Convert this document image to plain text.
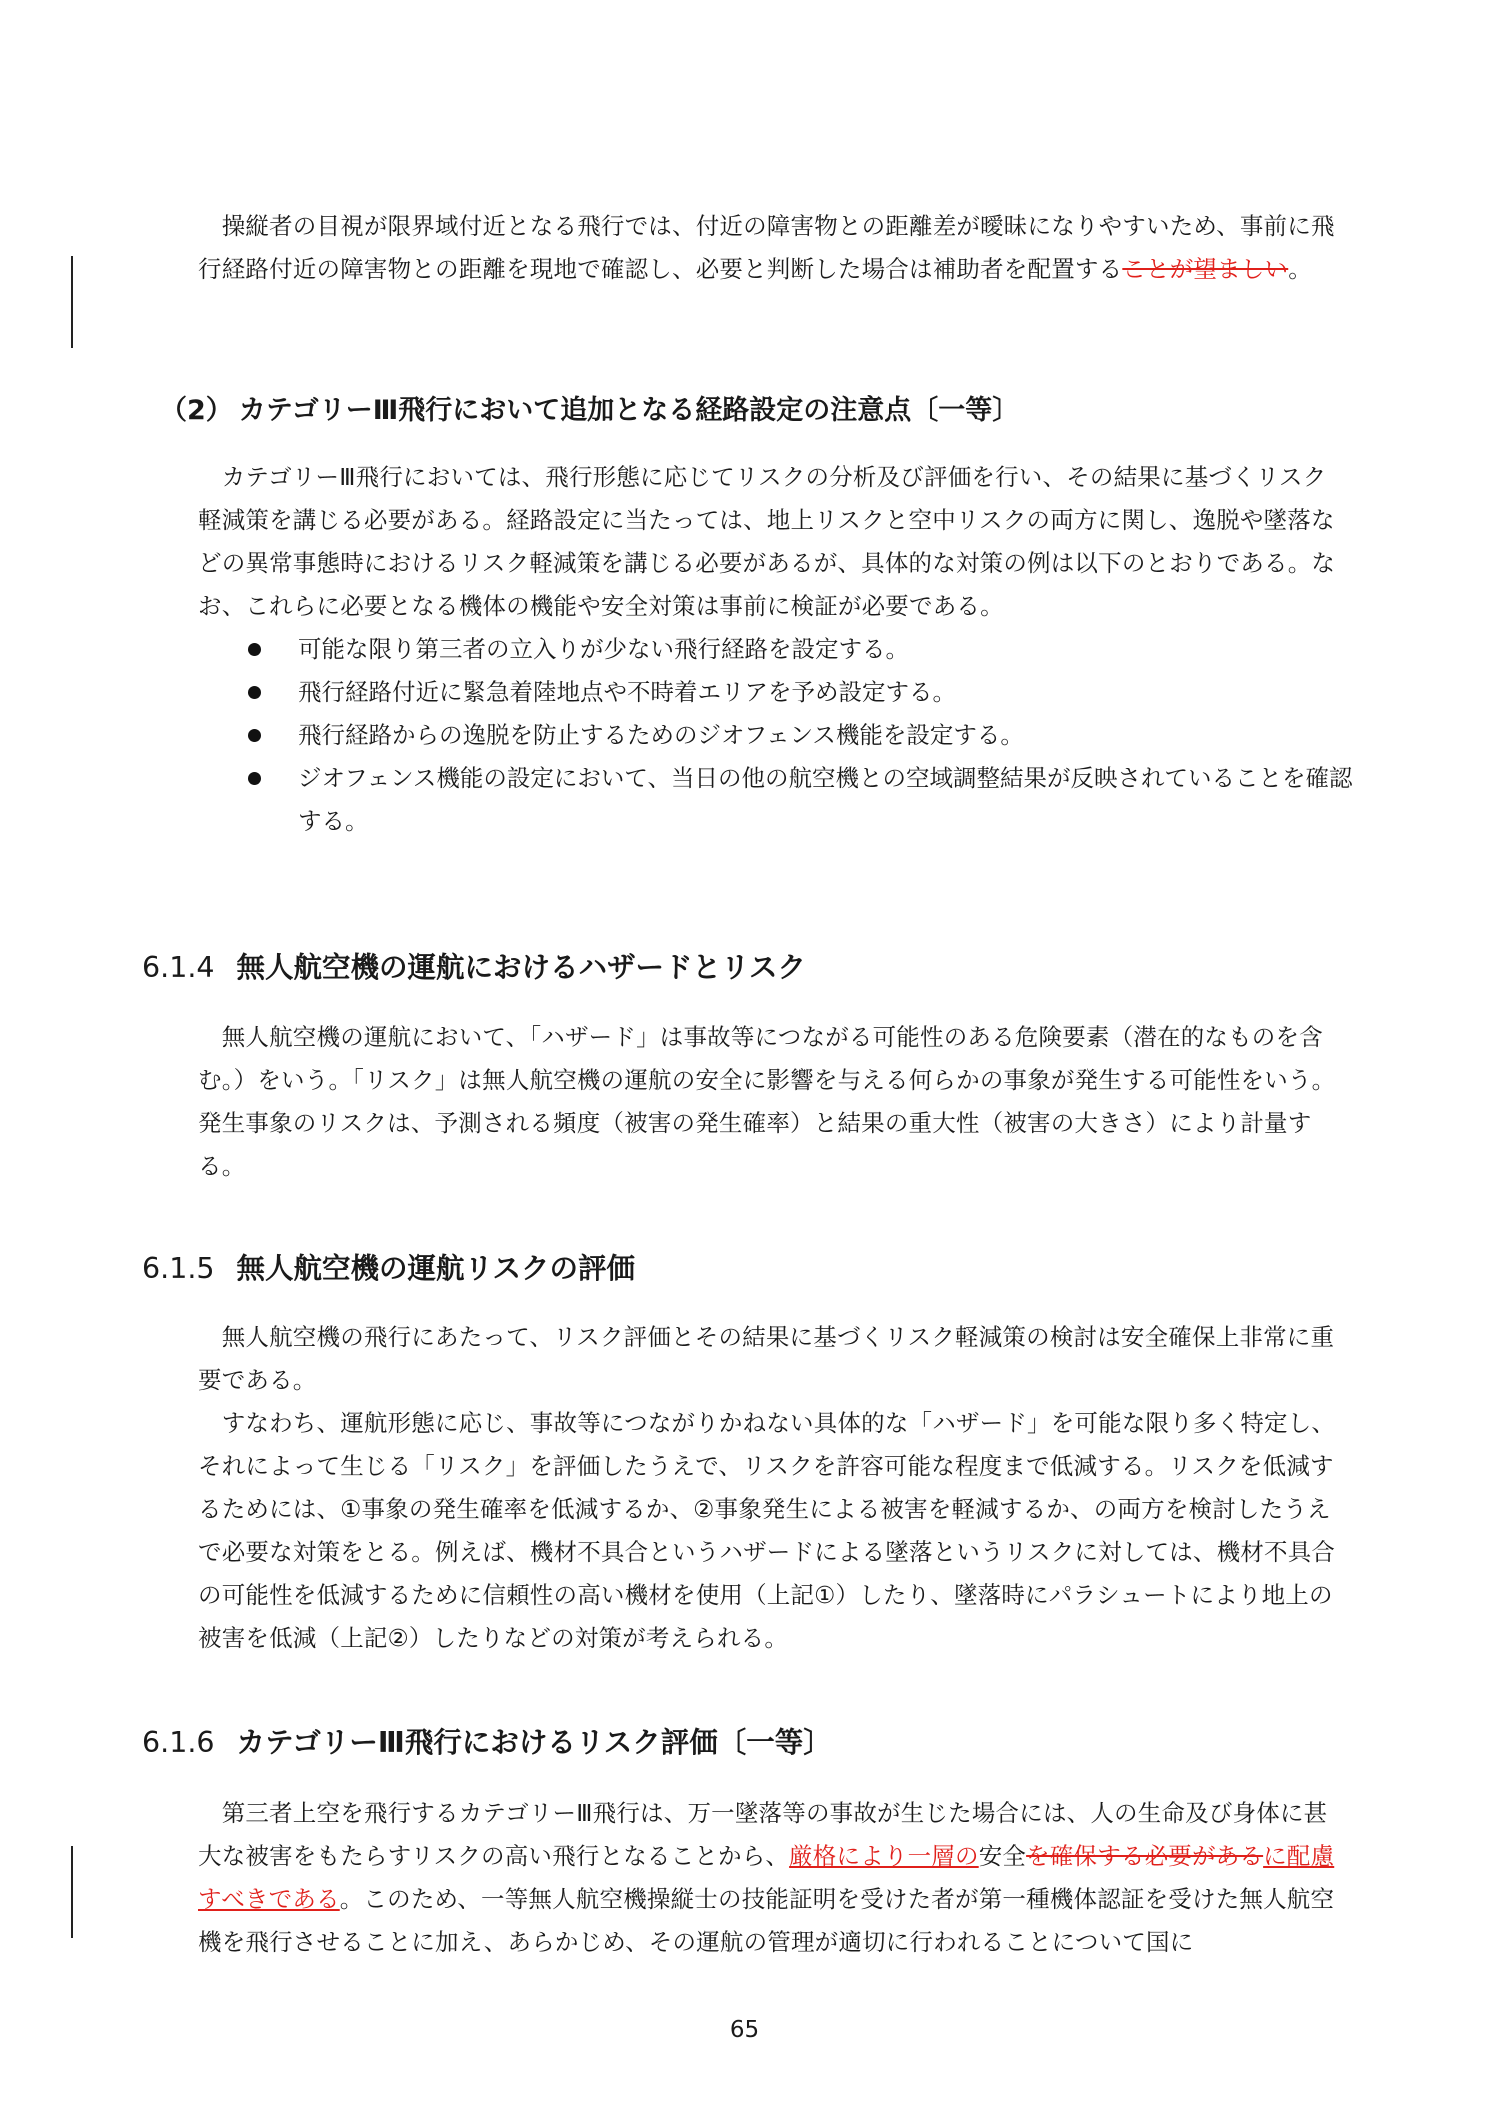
　操縦者の目視が限界域付近となる飛行では、付近の障害物との距離差が曖昧になりやすいため、事前に飛行経路付近の障害物との距離を現地で確認し、必要と判断した場合は補助者を配置することが望ましい。

（2） カテゴリーⅢ飛行において追加となる経路設定の注意点〔一等〕

　カテゴリーⅢ飛行においては、飛行形態に応じてリスクの分析及び評価を行い、その結果に基づくリスク軽減策を講じる必要がある。経路設定に当たっては、地上リスクと空中リスクの両方に関し、逸脱や墜落などの異常事態時におけるリスク軽減策を講じる必要があるが、具体的な対策の例は以下のとおりである。なお、これらに必要となる機体の機能や安全対策は事前に検証が必要である。

可能な限り第三者の立入りが少ない飛行経路を設定する。
飛行経路付近に緊急着陸地点や不時着エリアを予め設定する。
飛行経路からの逸脱を防止するためのジオフェンス機能を設定する。
ジオフェンス機能の設定において、当日の他の航空機との空域調整結果が反映されていることを確認する。
6.1.4 無人航空機の運航におけるハザードとリスク

　無人航空機の運航において、「ハザード」は事故等につながる可能性のある危険要素（潜在的なものを含む。）をいう。「リスク」は無人航空機の運航の安全に影響を与える何らかの事象が発生する可能性をいう。発生事象のリスクは、予測される頻度（被害の発生確率）と結果の重大性（被害の大きさ）により計量する。

6.1.5 無人航空機の運航リスクの評価

　無人航空機の飛行にあたって、リスク評価とその結果に基づくリスク軽減策の検討は安全確保上非常に重要である。

　すなわち、運航形態に応じ、事故等につながりかねない具体的な「ハザード」を可能な限り多く特定し、それによって生じる「リスク」を評価したうえで、リスクを許容可能な程度まで低減する。リスクを低減するためには、①事象の発生確率を低減するか、②事象発生による被害を軽減するか、の両方を検討したうえで必要な対策をとる。例えば、機材不具合というハザードによる墜落というリスクに対しては、機材不具合の可能性を低減するために信頼性の高い機材を使用（上記①）したり、墜落時にパラシュートにより地上の被害を低減（上記②）したりなどの対策が考えられる。

6.1.6 カテゴリーⅢ飛行におけるリスク評価〔一等〕

　第三者上空を飛行するカテゴリーⅢ飛行は、万一墜落等の事故が生じた場合には、人の生命及び身体に甚大な被害をもたらすリスクの高い飛行となることから、厳格により一層の安全を確保する必要があるに配慮すべきである。このため、一等無人航空機操縦士の技能証明を受けた者が第一種機体認証を受けた無人航空機を飛行させることに加え、あらかじめ、その運航の管理が適切に行われることについて国に

65
